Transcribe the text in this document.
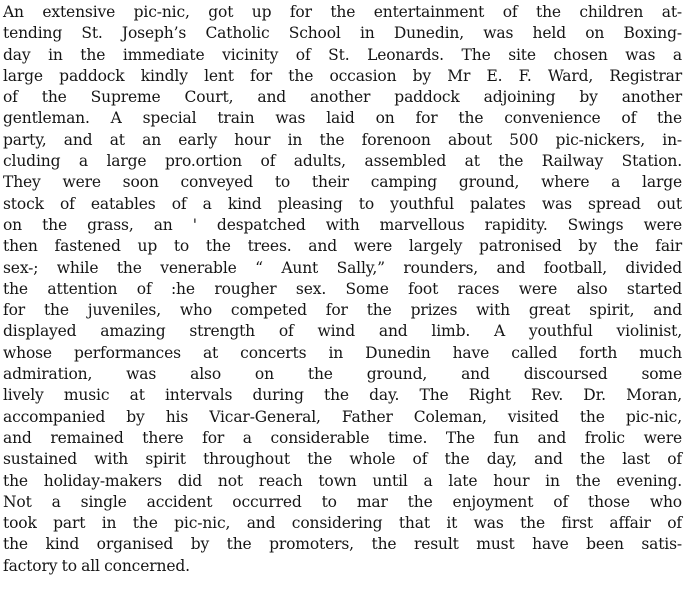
An extensive pic-nic, got up for the entertainment of the children at-
tending St. Joseph’s Catholic School in Dunedin, was held on Boxing-
day in the immediate vicinity of St. Leonards. The site chosen was a
large paddock kindly lent for the occasion by Mr E. F. Ward, Registrar
of the Supreme Court, and another paddock adjoining by another
gentleman. A special train was laid on for the convenience of the
party, and at an early hour in the forenoon about 500 pic-nickers, in-
cluding a large pro.ortion of adults, assembled at the Railway Station.
They were soon conveyed to their camping ground, where a large
stock of eatables of a kind pleasing to youthful palates was spread out
on the grass, an ' despatched with marvellous rapidity. Swings were
then fastened up to the trees. and were largely patronised by the fair
sex-; while the venerable “ Aunt Sally,” rounders, and football, divided
the attention of :he rougher sex. Some foot races were also started
for the juveniles, who competed for the prizes with great spirit, and
displayed amazing strength of wind and limb. A youthful violinist,
whose performances at concerts in Dunedin have called forth much
admiration, was also on the ground, and discoursed some
lively music at intervals during the day. The Right Rev. Dr. Moran,
accompanied by his Vicar-General, Father Coleman, visited the pic-nic,
and remained there for a considerable time. The fun and frolic were
sustained with spirit throughout the whole of the day, and the last of
the holiday-makers did not reach town until a late hour in the evening.
Not a single accident occurred to mar the enjoyment of those who
took part in the pic-nic, and considering that it was the first affair of
the kind organised by the promoters, the result must have been satis-
factory to all concerned.
